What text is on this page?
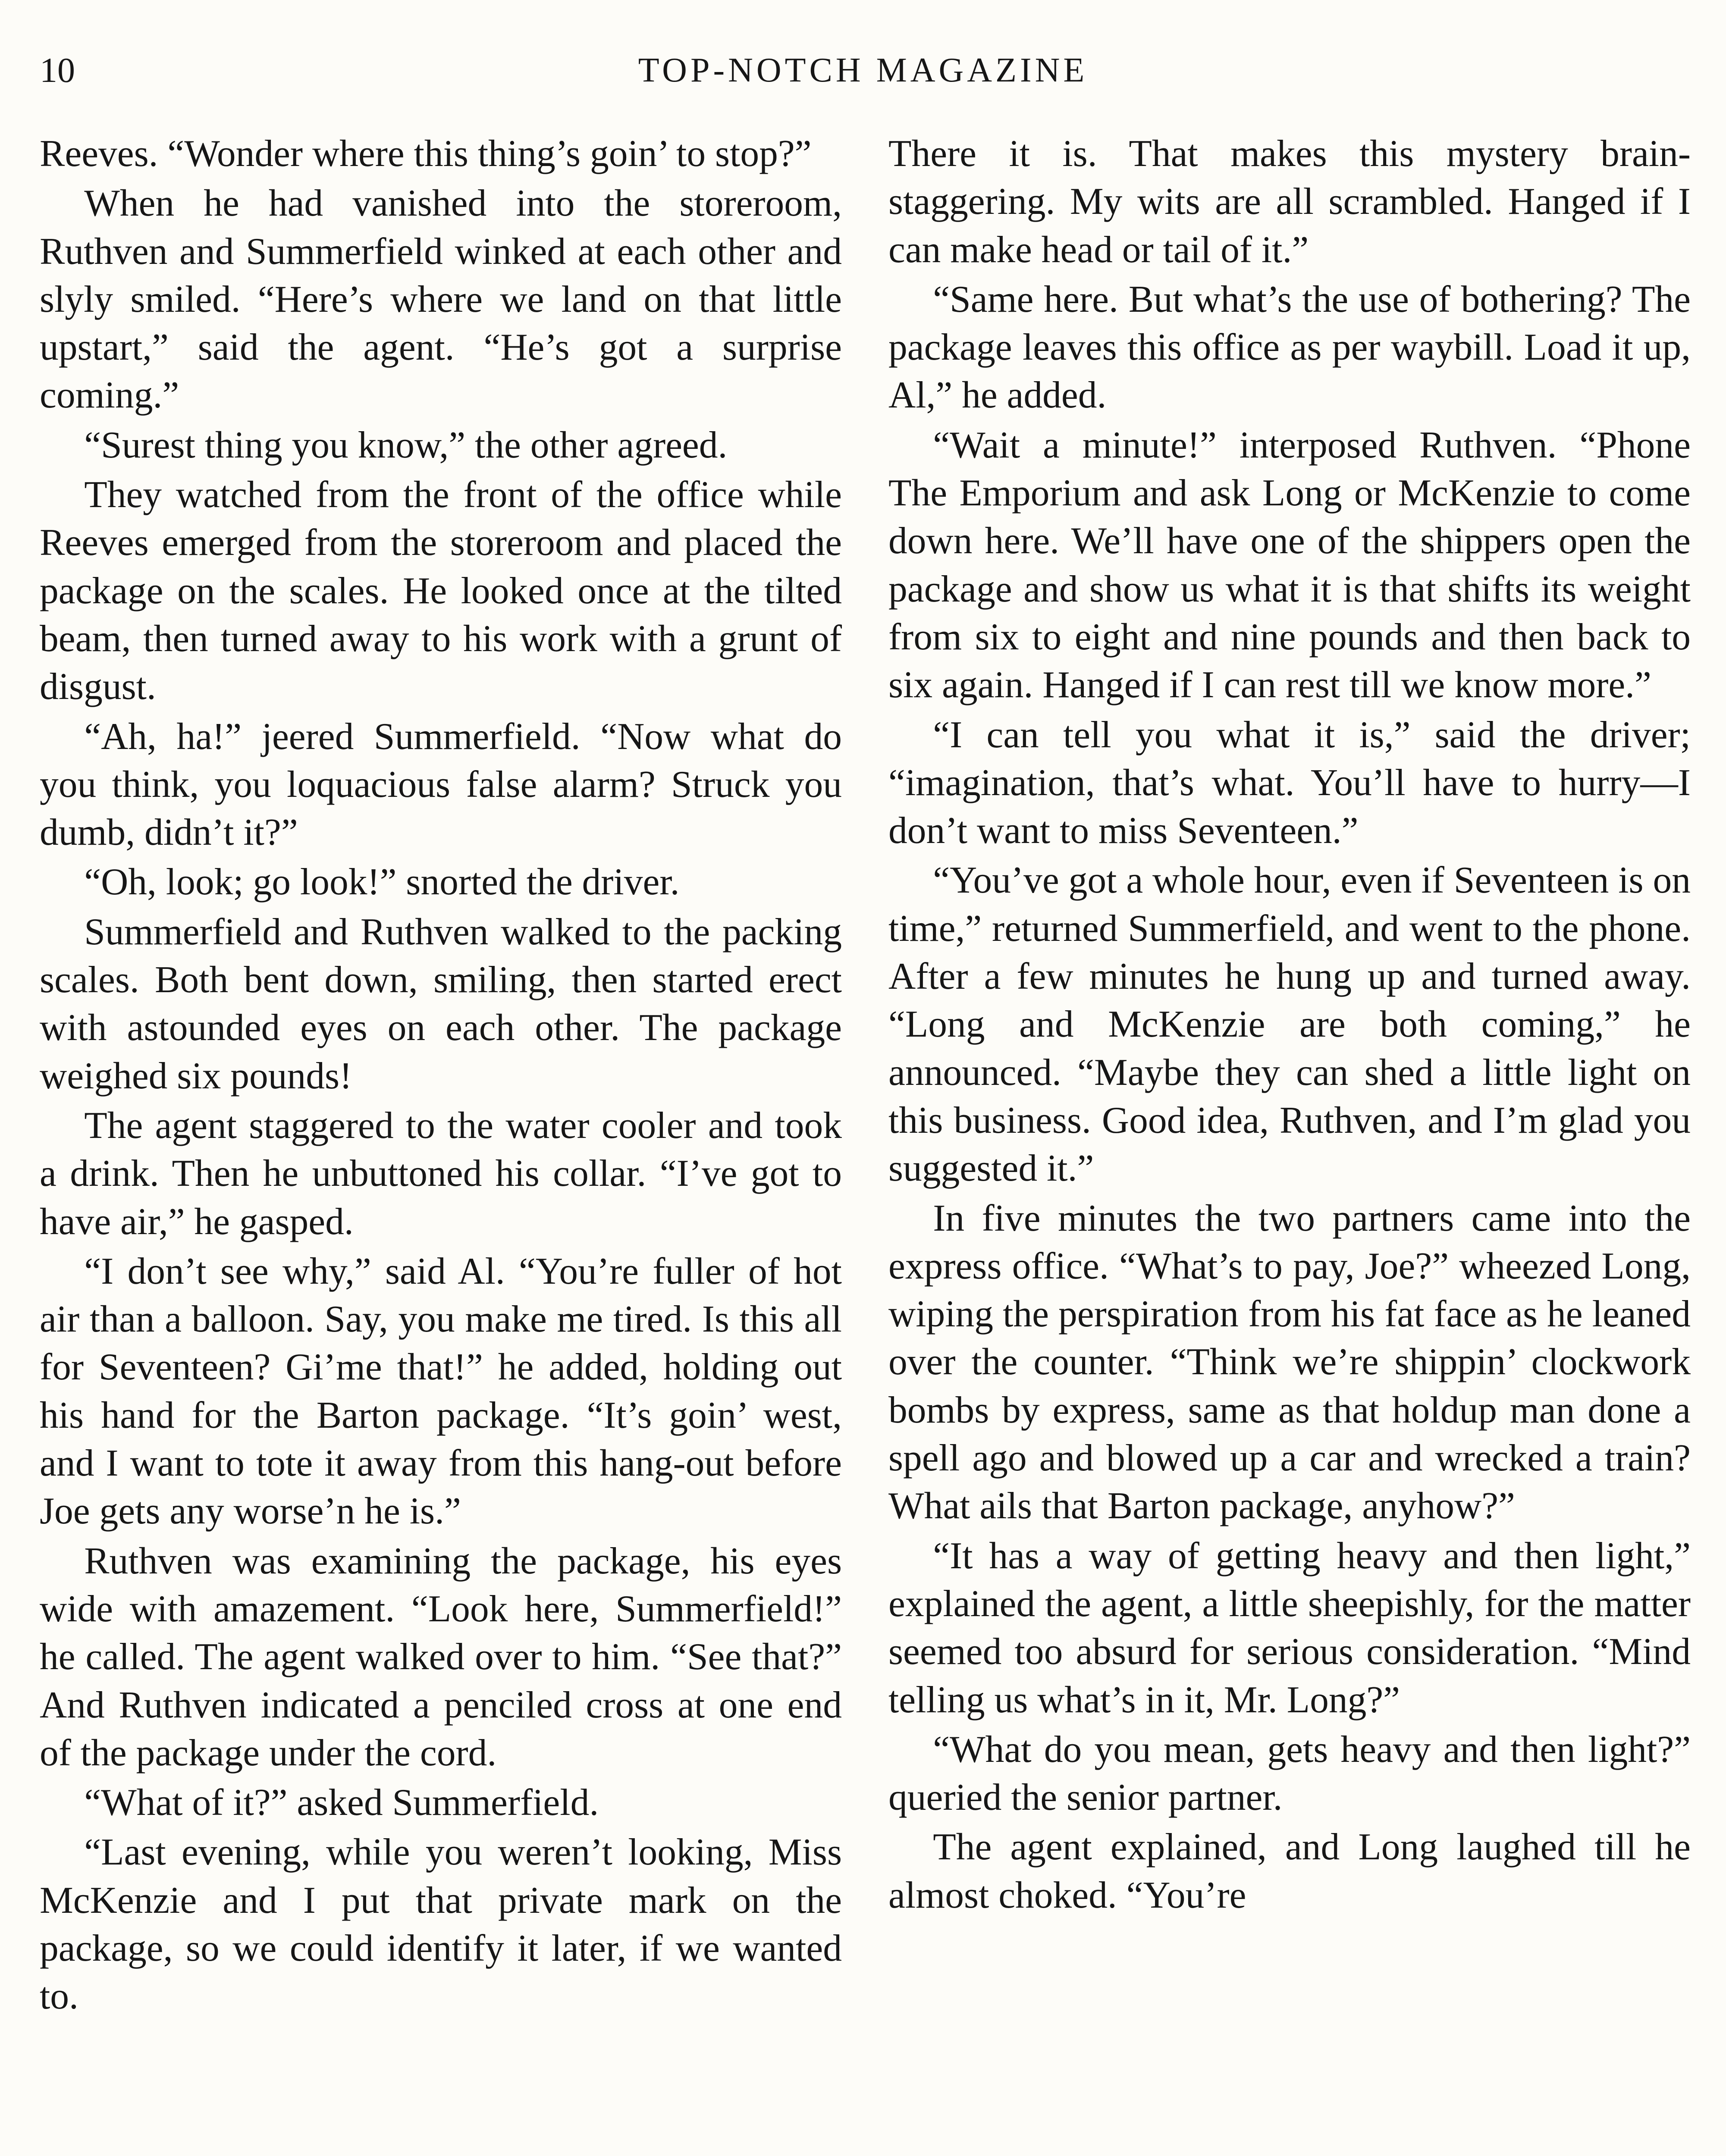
10	TOP-NOTCH MAGAZINE

Reeves. “Wonder where this thing’s goin’ to stop?”

When he had vanished into the storeroom, Ruthven and Summerfield winked at each other and slyly smiled. “Here’s where we land on that little upstart,” said the agent. “He’s got a surprise coming.”

“Surest thing you know,” the other agreed.

They watched from the front of the office while Reeves emerged from the storeroom and placed the package on the scales. He looked once at the tilted beam, then turned away to his work with a grunt of disgust.

“Ah, ha!” jeered Summerfield. “Now what do you think, you loquacious false alarm? Struck you dumb, didn’t it?”

“Oh, look; go look!” snorted the driver.

Summerfield and Ruthven walked to the packing scales. Both bent down, smiling, then started erect with astounded eyes on each other. The package weighed six pounds!

The agent staggered to the water cooler and took a drink. Then he unbuttoned his collar. “I’ve got to have air,” he gasped.

“I don’t see why,” said Al. “You’re fuller of hot air than a balloon. Say, you make me tired. Is this all for Seventeen? Gi’me that!” he added, holding out his hand for the Barton package. “It’s goin’ west, and I want to tote it away from this hang-out before Joe gets any worse’n he is.”

Ruthven was examining the package, his eyes wide with amazement. “Look here, Summerfield!” he called. The agent walked over to him. “See that?” And Ruthven indicated a penciled cross at one end of the package under the cord.

“What of it?” asked Summerfield.

“Last evening, while you weren’t looking, Miss McKenzie and I put that private mark on the package, so we could identify it later, if we wanted to.

There it is. That makes this mystery brain-staggering. My wits are all scrambled. Hanged if I can make head or tail of it.”

“Same here. But what’s the use of bothering? The package leaves this office as per waybill. Load it up, Al,” he added.

“Wait a minute!” interposed Ruthven. “Phone The Emporium and ask Long or McKenzie to come down here. We’ll have one of the shippers open the package and show us what it is that shifts its weight from six to eight and nine pounds and then back to six again. Hanged if I can rest till we know more.”

“I can tell you what it is,” said the driver; “imagination, that’s what. You’ll have to hurry—I don’t want to miss Seventeen.”

“You’ve got a whole hour, even if Seventeen is on time,” returned Summerfield, and went to the phone. After a few minutes he hung up and turned away. “Long and McKenzie are both coming,” he announced. “Maybe they can shed a little light on this business. Good idea, Ruthven, and I’m glad you suggested it.”

In five minutes the two partners came into the express office. “What’s to pay, Joe?” wheezed Long, wiping the perspiration from his fat face as he leaned over the counter. “Think we’re shippin’ clockwork bombs by express, same as that holdup man done a spell ago and blowed up a car and wrecked a train? What ails that Barton package, anyhow?”

“It has a way of getting heavy and then light,” explained the agent, a little sheepishly, for the matter seemed too absurd for serious consideration. “Mind telling us what’s in it, Mr. Long?”

“What do you mean, gets heavy and then light?” queried the senior partner.

The agent explained, and Long laughed till he almost choked. “You’re
